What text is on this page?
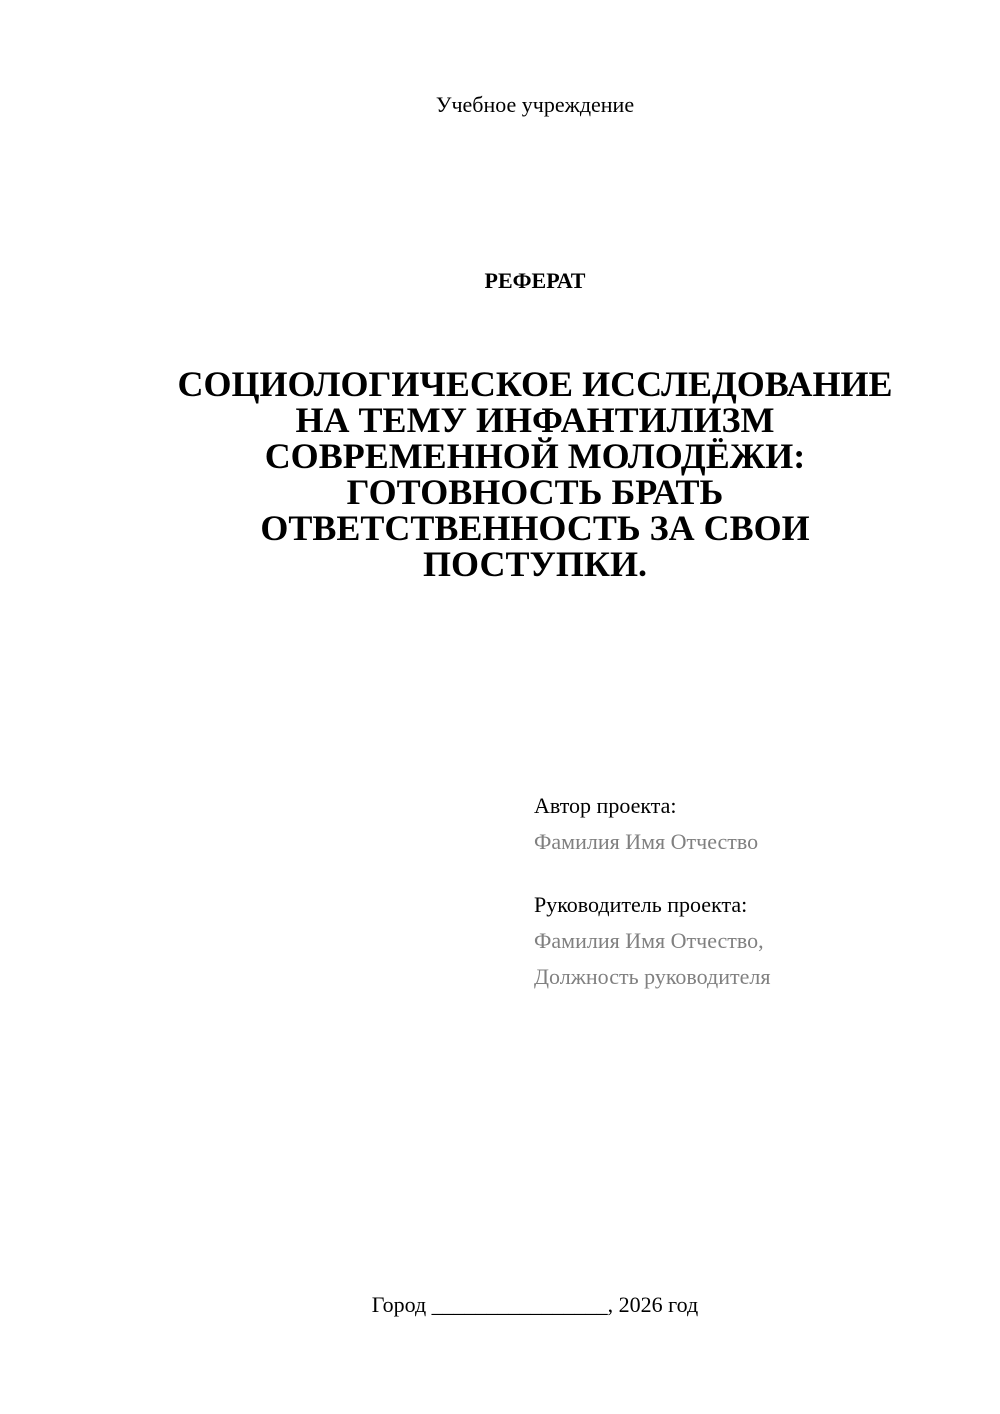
Учебное учреждение
РЕФЕРАТ
СОЦИОЛОГИЧЕСКОЕ ИССЛЕДОВАНИЕ
НА ТЕМУ ИНФАНТИЛИЗМ
СОВРЕМЕННОЙ МОЛОДЁЖИ:
ГОТОВНОСТЬ БРАТЬ
ОТВЕТСТВЕННОСТЬ ЗА СВОИ
ПОСТУПКИ.
Автор проекта:
Фамилия Имя Отчество
Руководитель проекта:
Фамилия Имя Отчество,
Должность руководителя
Город ________________, 2026 год
